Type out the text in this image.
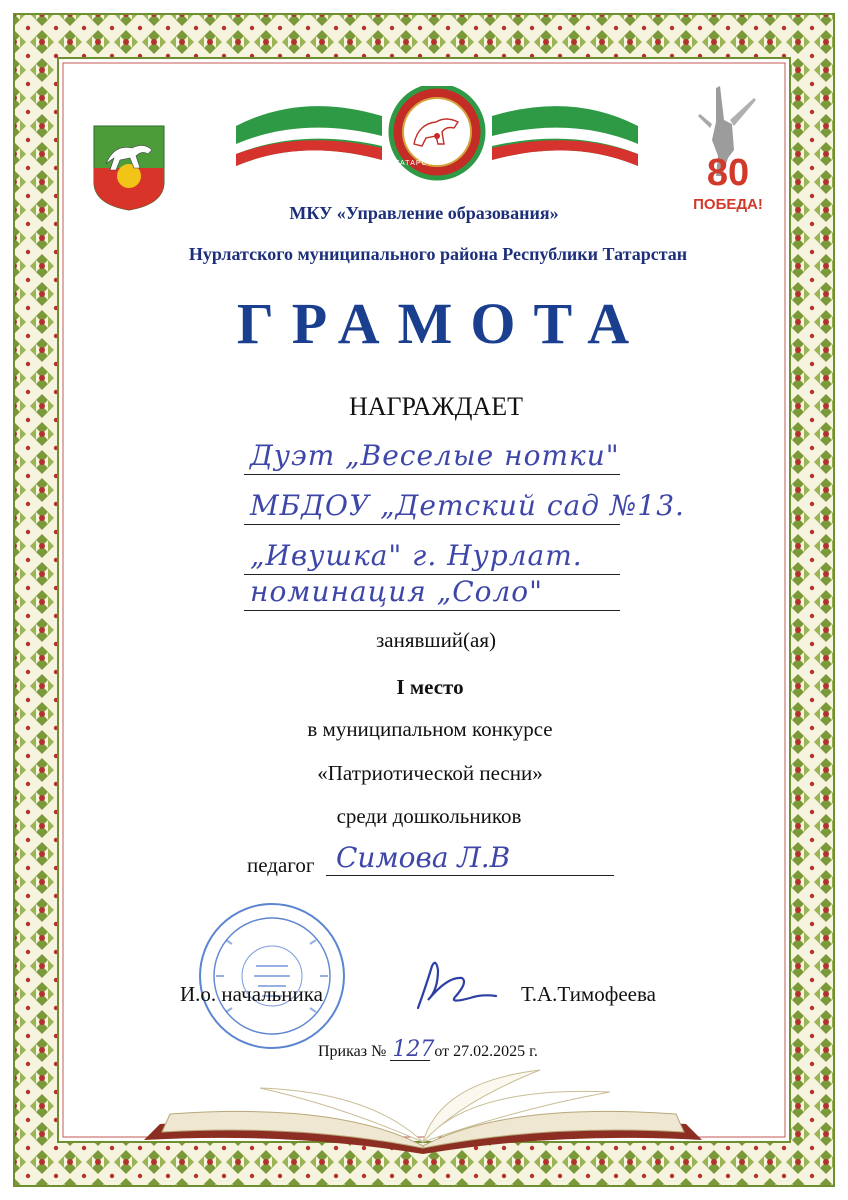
ТАТАРСТАН	80
ПОБЕДА!
МКУ «Управление образования»
Нурлатского муниципального района Республики Татарстан
ГРАМОТА
НАГРАЖДАЕТ
Дуэт „Веселые нотки"
МБДОУ „Детский сад №13.
„Ивушка" г. Нурлат.
номинация „Соло"
занявший(ая)
I место
в муниципальном конкурсе
«Патриотической песни»
среди дошкольников
педагог Симова Л.В
И.о. начальника	Т.А.Тимофеева
Приказ № 127 от 27.02.2025 г.
